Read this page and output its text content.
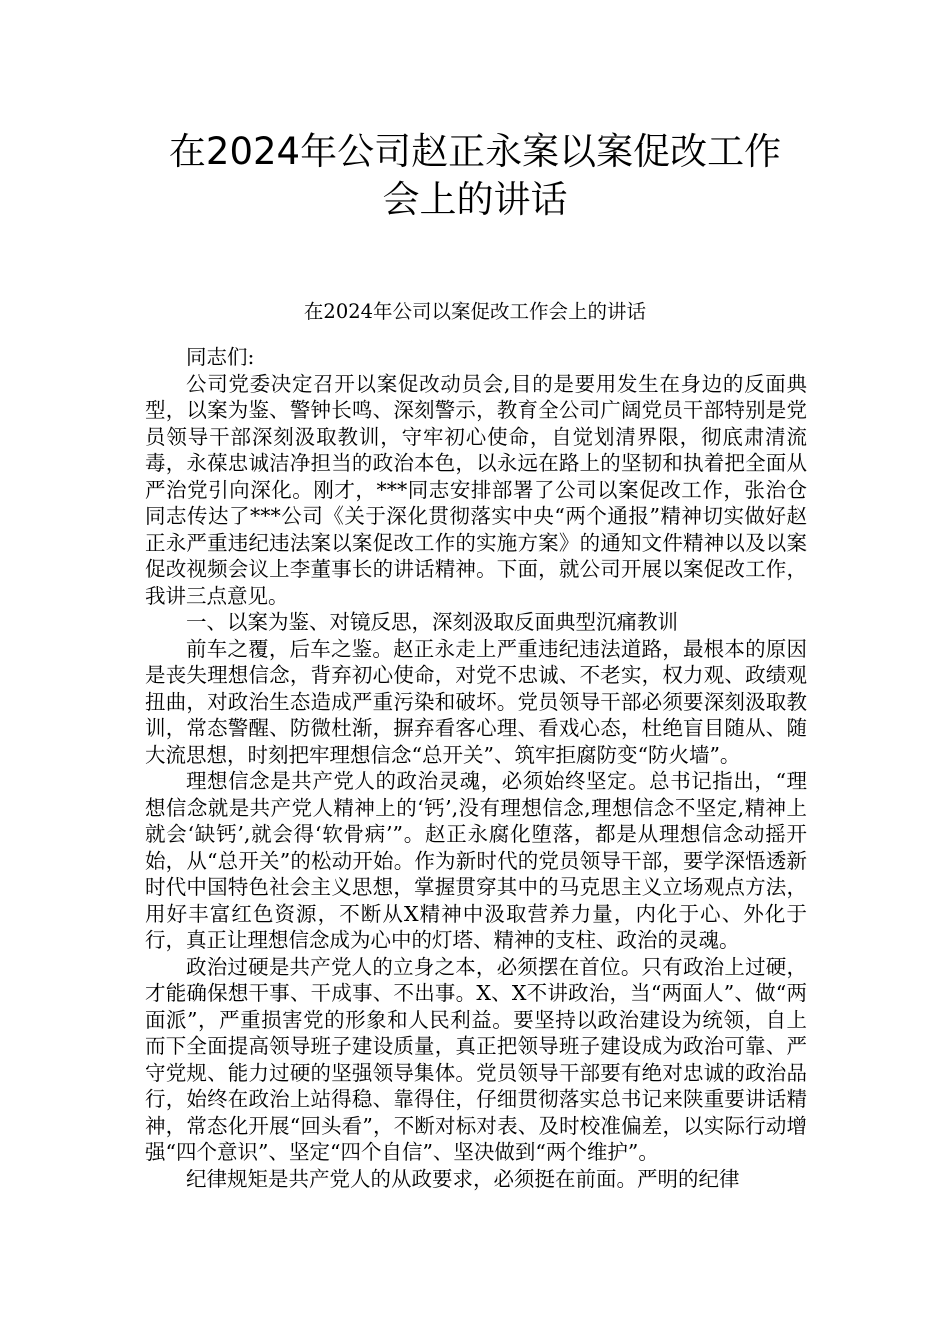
在2024年公司赵正永案以案促改工作
会上的讲话
在2024年公司以案促改工作会上的讲话

同志们:

公司党委决定召开以案促改动员会,目的是要用发生在身边的反面典型，以案为鉴、警钟长鸣、深刻警示，教育全公司广阔党员干部特别是党员领导干部深刻汲取教训，守牢初心使命，自觉划清界限，彻底肃清流毒，永葆忠诚洁净担当的政治本色，以永远在路上的坚韧和执着把全面从严治党引向深化。刚才，***同志安排部署了公司以案促改工作，张治仓同志传达了***公司《关于深化贯彻落实中央“两个通报”精神切实做好赵正永严重违纪违法案以案促改工作的实施方案》的通知文件精神以及以案促改视频会议上李董事长的讲话精神。下面，就公司开展以案促改工作，我讲三点意见。

一、以案为鉴、对镜反思，深刻汲取反面典型沉痛教训

前车之覆，后车之鉴。赵正永走上严重违纪违法道路，最根本的原因是丧失理想信念，背弃初心使命，对党不忠诚、不老实，权力观、政绩观扭曲，对政治生态造成严重污染和破坏。党员领导干部必须要深刻汲取教训，常态警醒、防微杜渐，摒弃看客心理、看戏心态，杜绝盲目随从、随大流思想，时刻把牢理想信念“总开关”、筑牢拒腐防变“防火墙”。

理想信念是共产党人的政治灵魂，必须始终坚定。总书记指出，“理想信念就是共产党人精神上的‘钙’,没有理想信念,理想信念不坚定,精神上就会‘缺钙’,就会得‘软骨病’”。赵正永腐化堕落，都是从理想信念动摇开始，从“总开关”的松动开始。作为新时代的党员领导干部，要学深悟透新时代中国特色社会主义思想，掌握贯穿其中的马克思主义立场观点方法，用好丰富红色资源，不断从X精神中汲取营养力量，内化于心、外化于行，真正让理想信念成为心中的灯塔、精神的支柱、政治的灵魂。

政治过硬是共产党人的立身之本，必须摆在首位。只有政治上过硬，才能确保想干事、干成事、不出事。X、X不讲政治，当“两面人”、做“两面派”，严重损害党的形象和人民利益。要坚持以政治建设为统领，自上而下全面提高领导班子建设质量，真正把领导班子建设成为政治可靠、严守党规、能力过硬的坚强领导集体。党员领导干部要有绝对忠诚的政治品行，始终在政治上站得稳、靠得住，仔细贯彻落实总书记来陕重要讲话精神，常态化开展“回头看”，不断对标对表、及时校准偏差，以实际行动增强“四个意识”、坚定“四个自信”、坚决做到“两个维护”。

纪律规矩是共产党人的从政要求，必须挺在前面。严明的纪律
